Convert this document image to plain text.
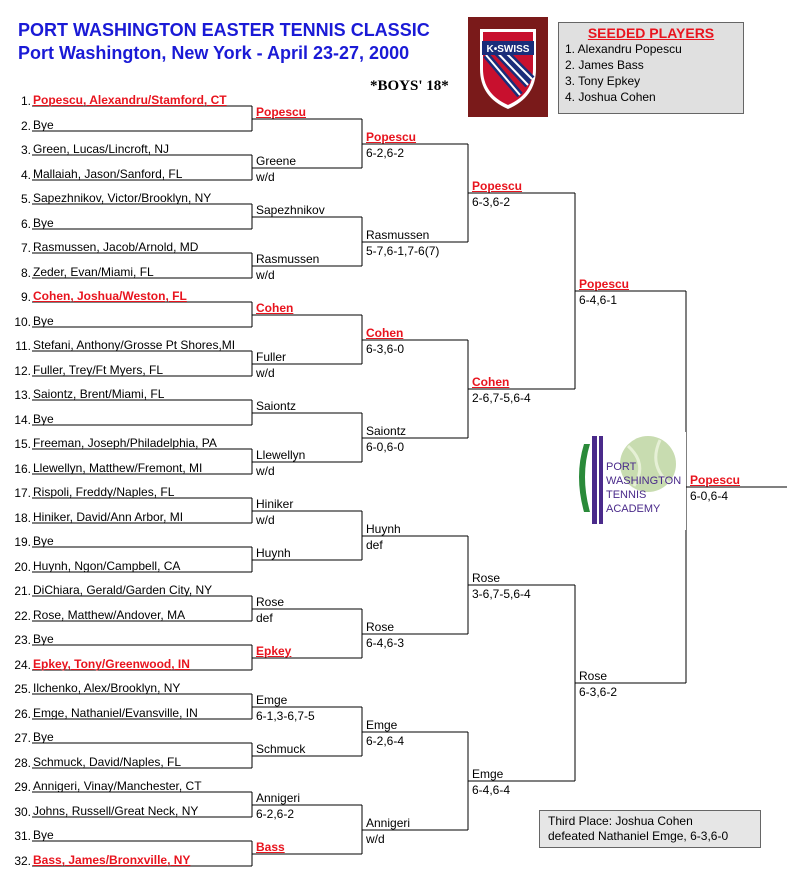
PORT WASHINGTON EASTER TENNIS CLASSIC
Port Washington, New York - April 23-27, 2000
*BOYS' 18*
K•SWISS
SEEDED PLAYERS
1. Alexandru Popescu
2. James Bass
3. Tony Epkey
4. Joshua Cohen
1. Popescu, Alexandru/Stamford, CT
2. Bye
3. Green, Lucas/Lincroft, NJ
4. Mallaiah, Jason/Sanford, FL
5. Sapezhnikov, Victor/Brooklyn, NY
6. Bye
7. Rasmussen, Jacob/Arnold, MD
8. Zeder, Evan/Miami, FL
9. Cohen, Joshua/Weston, FL
10. Bye
11. Stefani, Anthony/Grosse Pt Shores,MI
12. Fuller, Trey/Ft Myers, FL
13. Saiontz, Brent/Miami, FL
14. Bye
15. Freeman, Joseph/Philadelphia, PA
16. Llewellyn, Matthew/Fremont, MI
17. Rispoli, Freddy/Naples, FL
18. Hiniker, David/Ann Arbor, MI
19. Bye
20. Huynh, Ngon/Campbell, CA
21. DiChiara, Gerald/Garden City, NY
22. Rose, Matthew/Andover, MA
23. Bye
24. Epkey, Tony/Greenwood, IN
25. Ilchenko, Alex/Brooklyn, NY
26. Emge, Nathaniel/Evansville, IN
27. Bye
28. Schmuck, David/Naples, FL
29. Annigeri, Vinay/Manchester, CT
30. Johns, Russell/Great Neck, NY
31. Bye
32. Bass, James/Bronxville, NY
Popescu
Greene
w/d
Sapezhnikov
Rasmussen
w/d
Cohen
Fuller
w/d
Saiontz
Llewellyn
w/d
Hiniker
w/d
Huynh
Rose
def
Epkey
Emge
6-1,3-6,7-5
Schmuck
Annigeri
6-2,6-2
Bass
Popescu
6-2,6-2
Rasmussen
5-7,6-1,7-6(7)
Cohen
6-3,6-0
Saiontz
6-0,6-0
Huynh
def
Rose
6-4,6-3
Emge
6-2,6-4
Annigeri
w/d
Popescu
6-3,6-2
Cohen
2-6,7-5,6-4
Rose
3-6,7-5,6-4
Emge
6-4,6-4
Popescu
6-4,6-1
Rose
6-3,6-2
Popescu
6-0,6-4
PORT
WASHINGTON
TENNIS
ACADEMY
Third Place: Joshua Cohen
defeated Nathaniel Emge, 6-3,6-0
